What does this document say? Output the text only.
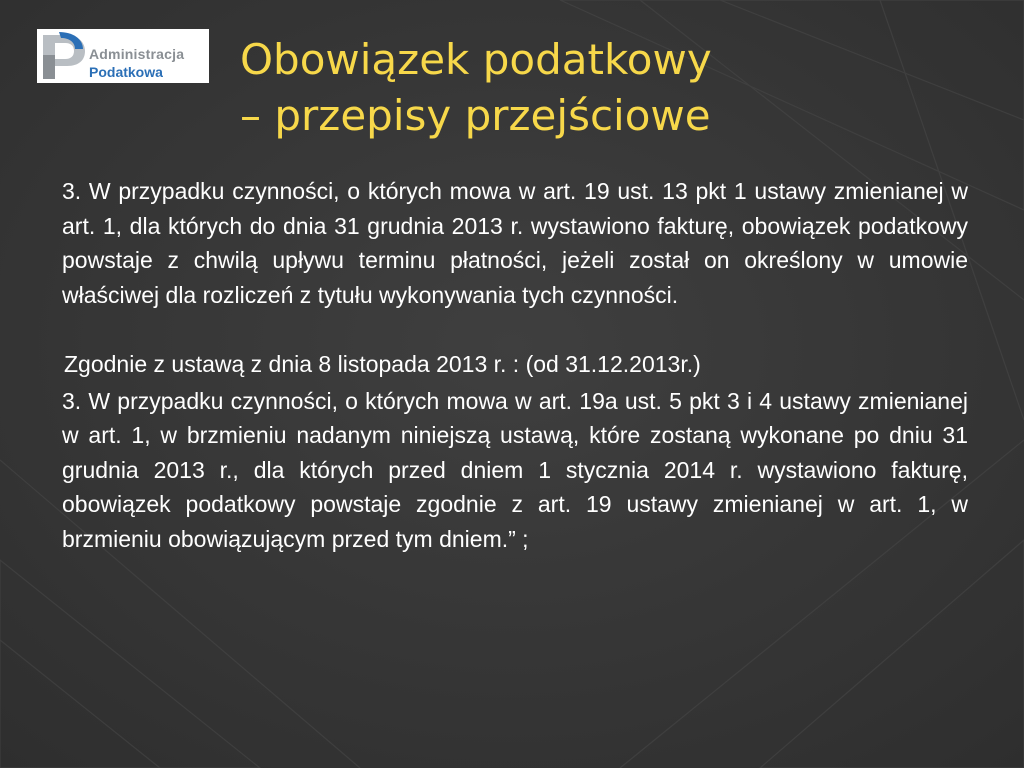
Administracja
Podatkowa Obowiązek podatkowy
– przepisy przejściowe

3. W przypadku czynności, o których mowa w art. 19 ust. 13 pkt 1 ustawy zmienianej w art. 1, dla których do dnia 31 grudnia 2013 r. wystawiono fakturę, obowiązek podatkowy powstaje z chwilą upływu terminu płatności, jeżeli został on określony w umowie właściwej dla rozliczeń z tytułu wykonywania tych czynności.

Zgodnie z ustawą z dnia 8 listopada 2013 r. : (od 31.12.2013r.)

3. W przypadku czynności, o których mowa w art. 19a ust. 5 pkt 3 i 4 ustawy zmienianej w art. 1, w brzmieniu nadanym niniejszą ustawą, które zostaną wykonane po dniu 31 grudnia 2013 r., dla których przed dniem 1 stycznia 2014 r. wystawiono fakturę, obowiązek podatkowy powstaje zgodnie z art. 19 ustawy zmienianej w art. 1, w brzmieniu obowiązującym przed tym dniem.” ;
